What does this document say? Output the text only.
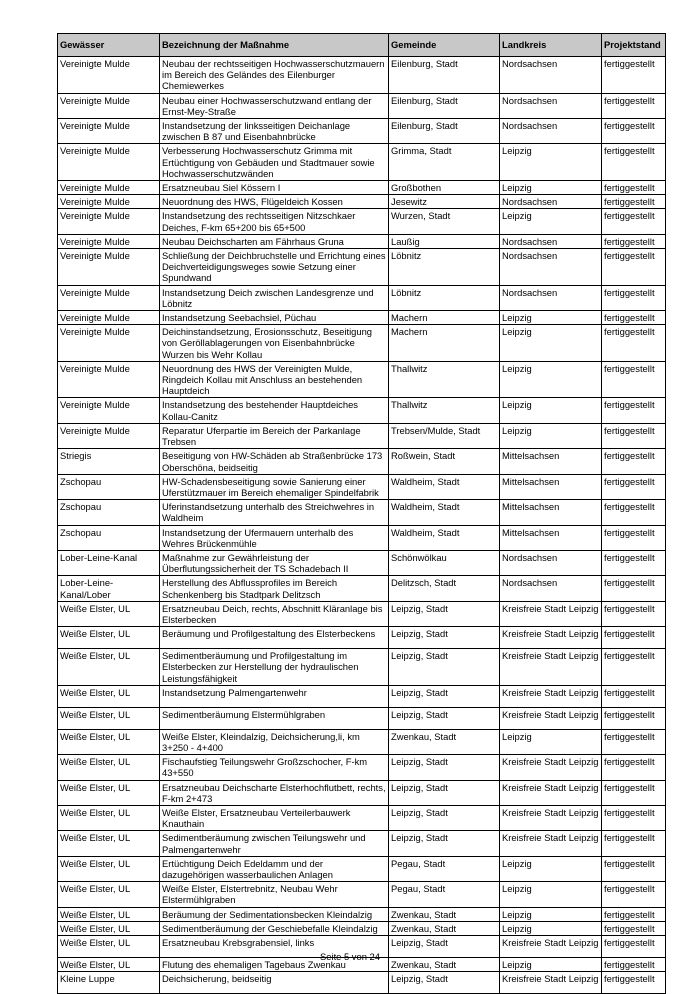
Gewässer	Bezeichnung der Maßnahme	Gemeinde	Landkreis	Projektstand
Vereinigte Mulde	Neubau der rechtsseitigen Hochwasserschutzmauern im Bereich des Geländes des Eilenburger Chemiewerkes	Eilenburg, Stadt	Nordsachsen	fertiggestellt
Vereinigte Mulde	Neubau einer Hochwasserschutzwand entlang der Ernst-Mey-Straße	Eilenburg, Stadt	Nordsachsen	fertiggestellt
Vereinigte Mulde	Instandsetzung der linksseitigen Deichanlage zwischen B 87 und Eisenbahnbrücke	Eilenburg, Stadt	Nordsachsen	fertiggestellt
Vereinigte Mulde	Verbesserung Hochwasserschutz Grimma mit Ertüchtigung von Gebäuden und Stadtmauer sowie Hochwasserschutzwänden	Grimma, Stadt	Leipzig	fertiggestellt
Vereinigte Mulde	Ersatzneubau Siel Kössern I	Großbothen	Leipzig	fertiggestellt
Vereinigte Mulde	Neuordnung des HWS, Flügeldeich Kossen	Jesewitz	Nordsachsen	fertiggestellt
Vereinigte Mulde	Instandsetzung des rechtsseitigen Nitzschkaer Deiches, F-km 65+200 bis 65+500	Wurzen, Stadt	Leipzig	fertiggestellt
Vereinigte Mulde	Neubau Deichscharten am Fährhaus Gruna	Laußig	Nordsachsen	fertiggestellt
Vereinigte Mulde	Schließung der Deichbruchstelle und Errichtung eines Deichverteidigungsweges sowie Setzung einer Spundwand	Löbnitz	Nordsachsen	fertiggestellt
Vereinigte Mulde	Instandsetzung Deich zwischen Landesgrenze und Löbnitz	Löbnitz	Nordsachsen	fertiggestellt
Vereinigte Mulde	Instandsetzung Seebachsiel, Püchau	Machern	Leipzig	fertiggestellt
Vereinigte Mulde	Deichinstandsetzung, Erosionsschutz, Beseitigung von Geröllablagerungen von Eisenbahnbrücke Wurzen bis Wehr Kollau	Machern	Leipzig	fertiggestellt
Vereinigte Mulde	Neuordnung des HWS der Vereinigten Mulde, Ringdeich Kollau mit Anschluss an bestehenden Hauptdeich	Thallwitz	Leipzig	fertiggestellt
Vereinigte Mulde	Instandsetzung des bestehender Hauptdeiches Kollau-Canitz	Thallwitz	Leipzig	fertiggestellt
Vereinigte Mulde	Reparatur Uferpartie im Bereich der Parkanlage Trebsen	Trebsen/Mulde, Stadt	Leipzig	fertiggestellt
Striegis	Beseitigung von HW-Schäden ab Straßenbrücke 173 Oberschöna, beidseitig	Roßwein, Stadt	Mittelsachsen	fertiggestellt
Zschopau	HW-Schadensbeseitigung sowie Sanierung einer Uferstützmauer im Bereich ehemaliger Spindelfabrik	Waldheim, Stadt	Mittelsachsen	fertiggestellt
Zschopau	Uferinstandsetzung unterhalb des Streichwehres in Waldheim	Waldheim, Stadt	Mittelsachsen	fertiggestellt
Zschopau	Instandsetzung der Ufermauern unterhalb des Wehres Brückenmühle	Waldheim, Stadt	Mittelsachsen	fertiggestellt
Lober-Leine-Kanal	Maßnahme zur Gewährleistung der Überflutungssicherheit der TS Schadebach II	Schönwölkau	Nordsachsen	fertiggestellt
Lober-Leine-Kanal/Lober	Herstellung des Abflussprofiles im Bereich Schenkenberg bis Stadtpark Delitzsch	Delitzsch, Stadt	Nordsachsen	fertiggestellt
Weiße Elster, UL	Ersatzneubau Deich, rechts, Abschnitt Kläranlage bis Elsterbecken	Leipzig, Stadt	Kreisfreie Stadt Leipzig	fertiggestellt
Weiße Elster, UL	Beräumung und Profilgestaltung des Elsterbeckens	Leipzig, Stadt	Kreisfreie Stadt Leipzig	fertiggestellt
Weiße Elster, UL	Sedimentberäumung und Profilgestaltung im Elsterbecken zur Herstellung der hydraulischen Leistungsfähigkeit	Leipzig, Stadt	Kreisfreie Stadt Leipzig	fertiggestellt
Weiße Elster, UL	Instandsetzung Palmengartenwehr	Leipzig, Stadt	Kreisfreie Stadt Leipzig	fertiggestellt
Weiße Elster, UL	Sedimentberäumung Elstermühlgraben	Leipzig, Stadt	Kreisfreie Stadt Leipzig	fertiggestellt
Weiße Elster, UL	Weiße Elster, Kleindalzig, Deichsicherung,li, km 3+250 - 4+400	Zwenkau, Stadt	Leipzig	fertiggestellt
Weiße Elster, UL	Fischaufstieg Teilungswehr Großzschocher, F-km 43+550	Leipzig, Stadt	Kreisfreie Stadt Leipzig	fertiggestellt
Weiße Elster, UL	Ersatzneubau Deichscharte Elsterhochflutbett, rechts, F-km 2+473	Leipzig, Stadt	Kreisfreie Stadt Leipzig	fertiggestellt
Weiße Elster, UL	Weiße Elster, Ersatzneubau Verteilerbauwerk Knauthain	Leipzig, Stadt	Kreisfreie Stadt Leipzig	fertiggestellt
Weiße Elster, UL	Sedimentberäumung zwischen Teilungswehr und Palmengartenwehr	Leipzig, Stadt	Kreisfreie Stadt Leipzig	fertiggestellt
Weiße Elster, UL	Ertüchtigung Deich Edeldamm und der dazugehörigen wasserbaulichen Anlagen	Pegau, Stadt	Leipzig	fertiggestellt
Weiße Elster, UL	Weiße Elster, Elstertrebnitz, Neubau Wehr Elstermühlgraben	Pegau, Stadt	Leipzig	fertiggestellt
Weiße Elster, UL	Beräumung der Sedimentationsbecken Kleindalzig	Zwenkau, Stadt	Leipzig	fertiggestellt
Weiße Elster, UL	Sedimentberäumung der Geschiebefalle Kleindalzig	Zwenkau, Stadt	Leipzig	fertiggestellt
Weiße Elster, UL	Ersatzneubau Krebsgrabensiel, links	Leipzig, Stadt	Kreisfreie Stadt Leipzig	fertiggestellt
Weiße Elster, UL	Flutung des ehemaligen Tagebaus Zwenkau	Zwenkau, Stadt	Leipzig	fertiggestellt
Kleine Luppe	Deichsicherung, beidseitig	Leipzig, Stadt	Kreisfreie Stadt Leipzig	fertiggestellt
Seite 5 von 24
